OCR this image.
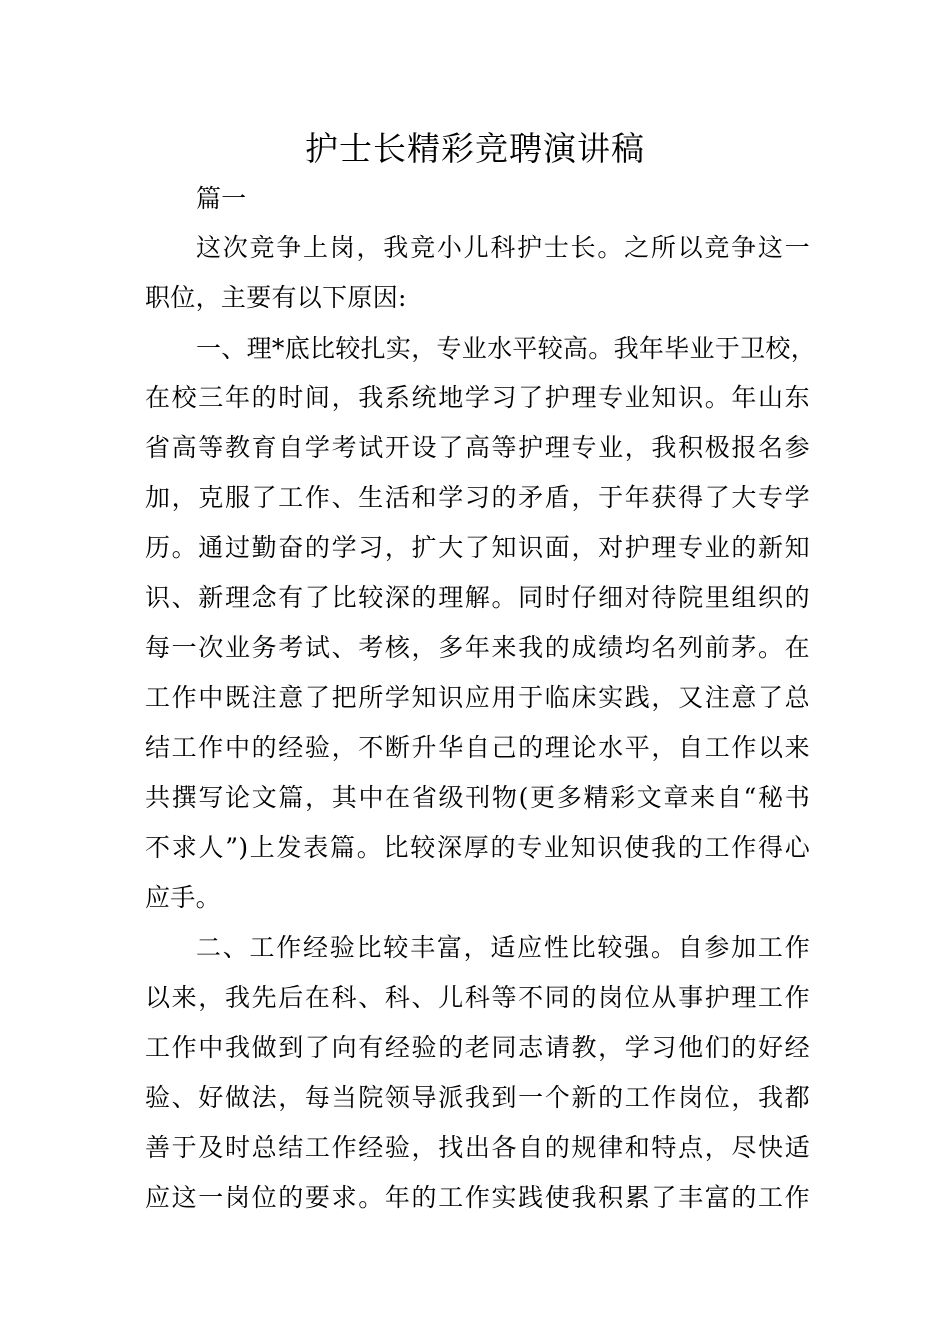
护士长精彩竞聘演讲稿
篇一
这次竞争上岗，我竞小儿科护士长。之所以竞争这一
职位，主要有以下原因:
一、理*底比较扎实，专业水平较高。我年毕业于卫校，
在校三年的时间，我系统地学习了护理专业知识。年山东
省高等教育自学考试开设了高等护理专业，我积极报名参
加，克服了工作、生活和学习的矛盾，于年获得了大专学
历。通过勤奋的学习，扩大了知识面，对护理专业的新知
识、新理念有了比较深的理解。同时仔细对待院里组织的
每一次业务考试、考核，多年来我的成绩均名列前茅。在
工作中既注意了把所学知识应用于临床实践，又注意了总
结工作中的经验，不断升华自己的理论水平，自工作以来
共撰写论文篇，其中在省级刊物(更多精彩文章来自“秘书
不求人”)上发表篇。比较深厚的专业知识使我的工作得心
应手。
二、工作经验比较丰富，适应性比较强。自参加工作
以来，我先后在科、科、儿科等不同的岗位从事护理工作
工作中我做到了向有经验的老同志请教，学习他们的好经
验、好做法，每当院领导派我到一个新的工作岗位，我都
善于及时总结工作经验，找出各自的规律和特点，尽快适
应这一岗位的要求。年的工作实践使我积累了丰富的工作
